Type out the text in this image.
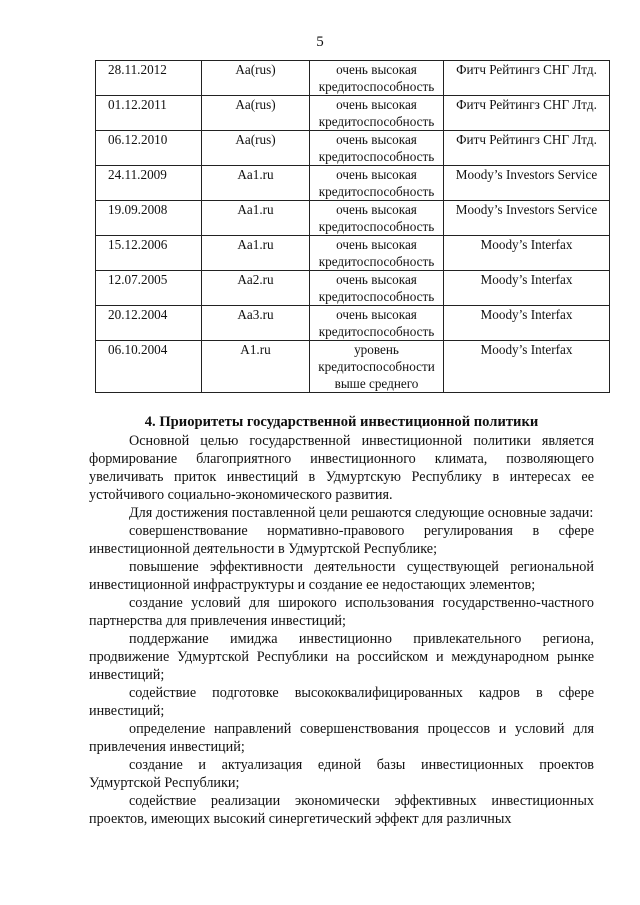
5
28.11.2012	Aa(rus)	очень высокая кредитоспособность	Фитч Рейтингз СНГ Лтд.
01.12.2011	Aa(rus)	очень высокая кредитоспособность	Фитч Рейтингз СНГ Лтд.
06.12.2010	Aa(rus)	очень высокая кредитоспособность	Фитч Рейтингз СНГ Лтд.
24.11.2009	Aa1.ru	очень высокая кредитоспособность	Moody’s Investors Service
19.09.2008	Aa1.ru	очень высокая кредитоспособность	Moody’s Investors Service
15.12.2006	Aa1.ru	очень высокая кредитоспособность	Moody’s Interfax
12.07.2005	Aa2.ru	очень высокая кредитоспособность	Moody’s Interfax
20.12.2004	Aa3.ru	очень высокая кредитоспособность	Moody’s Interfax
06.10.2004	A1.ru	уровень кредитоспособности выше среднего	Moody’s Interfax
4. Приоритеты государственной инвестиционной политики

Основной целью государственной инвестиционной политики является формирование благоприятного инвестиционного климата, позволяющего увеличивать приток инвестиций в Удмуртскую Республику в интересах ее устойчивого социально-экономического развития.

Для достижения поставленной цели решаются следующие основные задачи:

совершенствование нормативно-правового регулирования в сфере инвестиционной деятельности в Удмуртской Республике;

повышение эффективности деятельности существующей региональной инвестиционной инфраструктуры и создание ее недостающих элементов;

создание условий для широкого использования государственно-частного партнерства для привлечения инвестиций;

поддержание имиджа инвестиционно привлекательного региона, продвижение Удмуртской Республики на российском и международном рынке инвестиций;

содействие подготовке высококвалифицированных кадров в сфере инвестиций;

определение направлений совершенствования процессов и условий для привлечения инвестиций;

создание и актуализация единой базы инвестиционных проектов Удмуртской Республики;

содействие реализации экономически эффективных инвестиционных проектов, имеющих высокий синергетический эффект для различных
